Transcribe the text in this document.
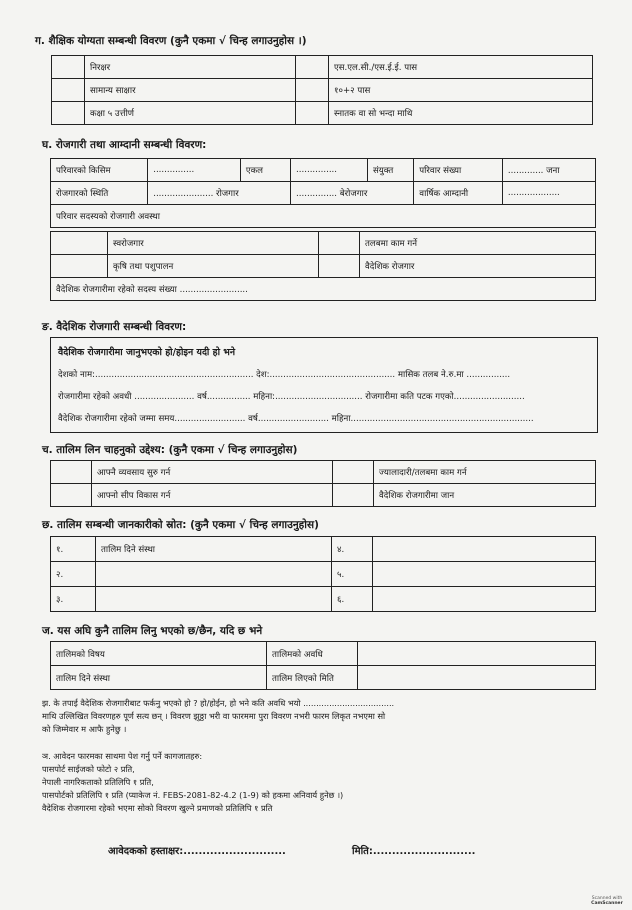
ग. शैक्षिक योग्यता सम्बन्धी विवरण (कुनै एकमा √ चिन्ह लगाउनुहोस ।)
	निरक्षर		एस.एल.सी./एस.ई.ई. पास
	सामान्य साक्षार		१०+२ पास
	कक्षा ५ उत्तीर्ण		स्नातक वा सो भन्दा माथि
घ. रोजगारी तथा आम्दानी सम्बन्धी विवरण:
परिवारको किसिम	...............	एकल	...............	संयुक्त	परिवार संख्या	............. जना
रोजगारको स्थिति	...................... रोजगार		............... बेरोजगार		वार्षिक आम्दानी	...................
परिवार सदस्यको रोजगारी अवस्था						
	स्वरोजगार		तलबमा काम गर्ने
	कृषि तथा पशुपालन		वैदेशिक रोजगार
वैदेशिक रोजगारीमा रहेको सदस्य संख्या .........................			
ङ. वैदेशिक रोजगारी सम्बन्धी विवरण:
वैदेशिक रोजगारीमा जानुभएको हो/होइन यदी हो भने
देशको नाम:.......................................................... देश:.............................................. मासिक तलब ने.रु.मा ................
रोजगारीमा रहेको अवधी ...................... वर्ष................ महिना:................................ रोजगारीमा कति पटक गएको..........................
वैदेशिक रोजगारीमा रहेको जम्मा समय.......................... वर्ष.......................... महिना...................................................................
च. तालिम लिन चाहनुको उद्देश्य: (कुनै एकमा √ चिन्ह लगाउनुहोस)
	आफ्नै व्यवसाय सुरु गर्न		ज्यालादारी/तलबमा काम गर्न
	आफ्नो सीप विकास गर्न		वैदेशिक रोजगारीमा जान
छ. तालिम सम्बन्धी जानकारीको स्रोत: (कुनै एकमा √ चिन्ह लगाउनुहोस)
१.	तालिम दिने संस्था	४.	
२.		५.	
३.		६.	
ज. यस अघि कुनै तालिम लिनु भएको छ/छैन, यदि छ भने
तालिमको विषय	तालिमको अवधि	
तालिम दिने संस्था	तालिम लिएको मिति	
झ. के तपाई वैदेशिक रोजगारीबाट फर्कनु भएको हो ? हो/होईन, हो भने कति अवधि भयो ...................................
माथि उल्लिखित विवरणहरु पूर्ण सत्य छन् । विवरण झुठ्ठा भरी वा फारममा पुरा विवरण नभरी फारम लिकृत नभएमा सो
को जिम्मेवार म आफै हुनेछु ।
ञ. आवेदन फारमका साथमा पेश गर्नु पर्ने कागजातहरु:
पासपोर्ट साईजको फोटो २ प्रति,
नेपाली नागरिकताको प्रतिलिपि १ प्रति,
पासपोर्टको प्रतिलिपि १ प्रति (प्याकेज नं. FEBS-2081-82-4.2 (1-9) को हकमा अनिवार्य हुनेछ ।)
वैदेशिक रोजगारमा रहेको भएमा सोको विवरण खुल्ने प्रमाणको प्रतिलिपि १ प्रति
आवेदकको हस्ताक्षर:...........................	मिति:...........................
Scanned with
CamScanner
